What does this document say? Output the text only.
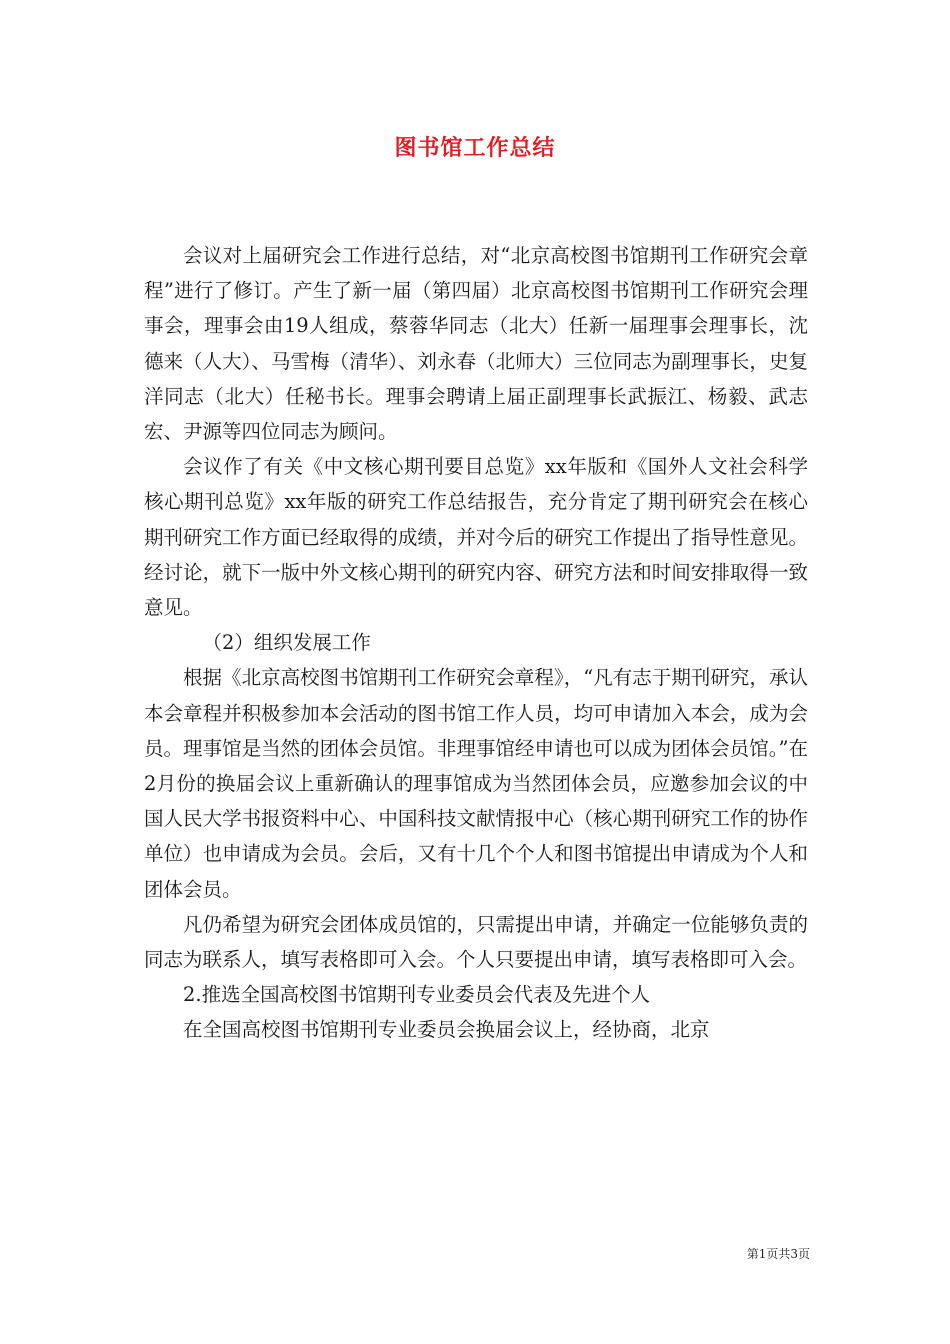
图书馆工作总结

会议对上届研究会工作进行总结，对“北京高校图书馆期刊工作研究会章程”进行了修订。产生了新一届（第四届）北京高校图书馆期刊工作研究会理事会，理事会由19人组成，蔡蓉华同志（北大）任新一届理事会理事长，沈德来（人大）、马雪梅（清华）、刘永春（北师大）三位同志为副理事长，史复洋同志（北大）任秘书长。理事会聘请上届正副理事长武振江、杨毅、武志宏、尹源等四位同志为顾问。

会议作了有关《中文核心期刊要目总览》xx年版和《国外人文社会科学核心期刊总览》xx年版的研究工作总结报告，充分肯定了期刊研究会在核心期刊研究工作方面已经取得的成绩，并对今后的研究工作提出了指导性意见。经讨论，就下一版中外文核心期刊的研究内容、研究方法和时间安排取得一致意见。

（2）组织发展工作

根据《北京高校图书馆期刊工作研究会章程》，“凡有志于期刊研究，承认本会章程并积极参加本会活动的图书馆工作人员，均可申请加入本会，成为会员。理事馆是当然的团体会员馆。非理事馆经申请也可以成为团体会员馆。”在2月份的换届会议上重新确认的理事馆成为当然团体会员，应邀参加会议的中国人民大学书报资料中心、中国科技文献情报中心（核心期刊研究工作的协作单位）也申请成为会员。会后，又有十几个个人和图书馆提出申请成为个人和团体会员。

凡仍希望为研究会团体成员馆的，只需提出申请，并确定一位能够负责的同志为联系人，填写表格即可入会。个人只要提出申请，填写表格即可入会。

2.推选全国高校图书馆期刊专业委员会代表及先进个人

在全国高校图书馆期刊专业委员会换届会议上，经协商，北京

第1页共3页
